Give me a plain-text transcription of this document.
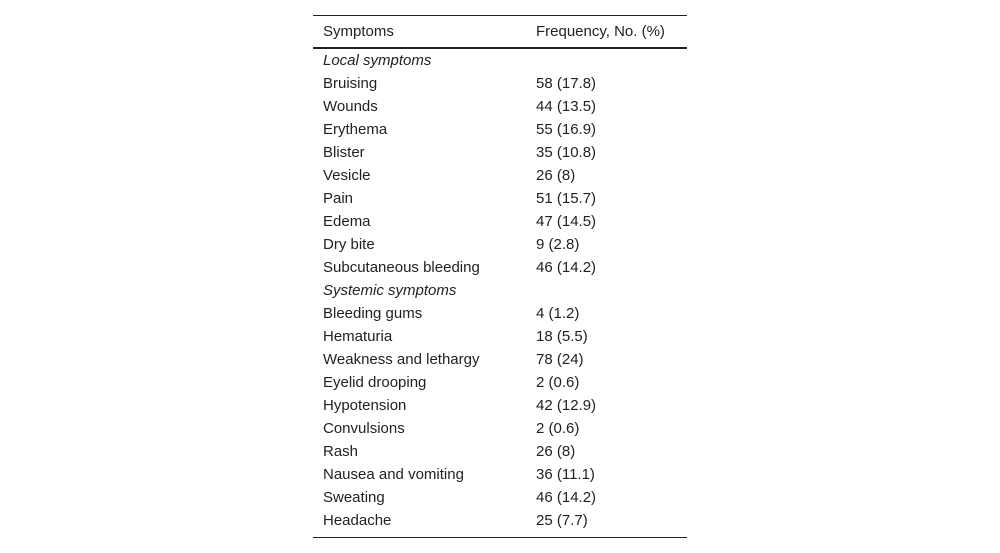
Symptoms	Frequency, No. (%)
Local symptoms	
Bruising	58 (17.8)
Wounds	44 (13.5)
Erythema	55 (16.9)
Blister	35 (10.8)
Vesicle	26 (8)
Pain	51 (15.7)
Edema	47 (14.5)
Dry bite	9 (2.8)
Subcutaneous bleeding	46 (14.2)
Systemic symptoms	
Bleeding gums	4 (1.2)
Hematuria	18 (5.5)
Weakness and lethargy	78 (24)
Eyelid drooping	2 (0.6)
Hypotension	42 (12.9)
Convulsions	2 (0.6)
Rash	26 (8)
Nausea and vomiting	36 (11.1)
Sweating	46 (14.2)
Headache	25 (7.7)
